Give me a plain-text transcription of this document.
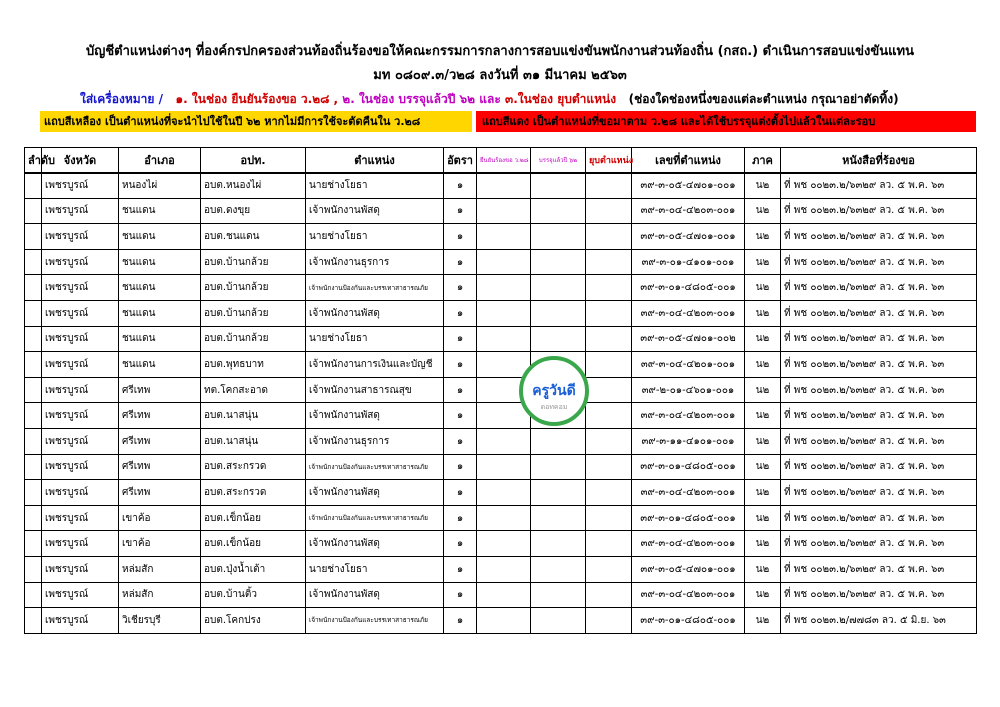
บัญชีตำแหน่งต่างๆ ที่องค์กรปกครองส่วนท้องถิ่นร้องขอให้คณะกรรมการกลางการสอบแข่งขันพนักงานส่วนท้องถิ่น (กสถ.) ดำเนินการสอบแข่งขันแทน
มท ๐๘๐๙.๓/ว๒๘ ลงวันที่ ๓๑ มีนาคม ๒๕๖๓
ใส่เครื่องหมาย / ๑. ในช่อง ยืนยันร้องขอ ว.๒๘ , ๒. ในช่อง บรรจุแล้วปี ๖๒ และ ๓.ในช่อง ยุบตำแหน่ง (ช่องใดช่องหนึ่งของแต่ละตำแหน่ง กรุณาอย่าตัดทิ้ง)
แถบสีเหลือง เป็นตำแหน่งที่จะนำไปใช้ในปี ๖๒ หากไม่มีการใช้จะตัดคืนใน ว.๒๘	แถบสีแดง เป็นตำแหน่งที่ขอมาตาม ว.๒๘ และได้ใช้บรรจุแต่งตั้งไปแล้วในแต่ละรอบ
ลำดับ	จังหวัด	อำเภอ	อปท.	ตำแหน่ง	อัตรา	ยืนยันร้องขอ ว.๒๘	บรรจุแล้วปี ๖๒	ยุบตำแหน่ง	เลขที่ตำแหน่ง	ภาค	หนังสือที่ร้องขอ
	เพชรบูรณ์	หนองไผ่	อบต.หนองไผ่	นายช่างโยธา	๑				๓๙-๓-๐๕-๔๗๐๑-๐๐๑	น๒	ที่ พช ๐๐๒๓.๒/๖๓๒๙ ลว. ๕ พ.ค. ๖๓
	เพชรบูรณ์	ชนแดน	อบต.ดงขุย	เจ้าพนักงานพัสดุ	๑				๓๙-๓-๐๔-๔๒๐๓-๐๐๑	น๒	ที่ พช ๐๐๒๓.๒/๖๓๒๙ ลว. ๕ พ.ค. ๖๓
	เพชรบูรณ์	ชนแดน	อบต.ชนแดน	นายช่างโยธา	๑				๓๙-๓-๐๕-๔๗๐๑-๐๐๑	น๒	ที่ พช ๐๐๒๓.๒/๖๓๒๙ ลว. ๕ พ.ค. ๖๓
	เพชรบูรณ์	ชนแดน	อบต.บ้านกล้วย	เจ้าพนักงานธุรการ	๑				๓๙-๓-๐๑-๔๑๐๑-๐๐๑	น๒	ที่ พช ๐๐๒๓.๒/๖๓๒๙ ลว. ๕ พ.ค. ๖๓
	เพชรบูรณ์	ชนแดน	อบต.บ้านกล้วย	เจ้าพนักงานป้องกันและบรรเทาสาธารณภัย	๑				๓๙-๓-๐๑-๔๘๐๕-๐๐๑	น๒	ที่ พช ๐๐๒๓.๒/๖๓๒๙ ลว. ๕ พ.ค. ๖๓
	เพชรบูรณ์	ชนแดน	อบต.บ้านกล้วย	เจ้าพนักงานพัสดุ	๑				๓๙-๓-๐๔-๔๒๐๓-๐๐๑	น๒	ที่ พช ๐๐๒๓.๒/๖๓๒๙ ลว. ๕ พ.ค. ๖๓
	เพชรบูรณ์	ชนแดน	อบต.บ้านกล้วย	นายช่างโยธา	๑				๓๙-๓-๐๕-๔๗๐๑-๐๐๒	น๒	ที่ พช ๐๐๒๓.๒/๖๓๒๙ ลว. ๕ พ.ค. ๖๓
	เพชรบูรณ์	ชนแดน	อบต.พุทธบาท	เจ้าพนักงานการเงินและบัญชี	๑				๓๙-๓-๐๔-๔๒๐๑-๐๐๑	น๒	ที่ พช ๐๐๒๓.๒/๖๓๒๙ ลว. ๕ พ.ค. ๖๓
	เพชรบูรณ์	ศรีเทพ	ทต.โคกสะอาด	เจ้าพนักงานสาธารณสุข	๑				๓๙-๒-๐๑-๔๖๐๑-๐๐๑	น๒	ที่ พช ๐๐๒๓.๒/๖๓๒๙ ลว. ๕ พ.ค. ๖๓
	เพชรบูรณ์	ศรีเทพ	อบต.นาสนุ่น	เจ้าพนักงานพัสดุ	๑				๓๙-๓-๐๔-๔๒๐๓-๐๐๑	น๒	ที่ พช ๐๐๒๓.๒/๖๓๒๙ ลว. ๕ พ.ค. ๖๓
	เพชรบูรณ์	ศรีเทพ	อบต.นาสนุ่น	เจ้าพนักงานธุรการ	๑				๓๙-๓-๑๑-๔๑๐๑-๐๐๑	น๒	ที่ พช ๐๐๒๓.๒/๖๓๒๙ ลว. ๕ พ.ค. ๖๓
	เพชรบูรณ์	ศรีเทพ	อบต.สระกรวด	เจ้าพนักงานป้องกันและบรรเทาสาธารณภัย	๑				๓๙-๓-๐๑-๔๘๐๕-๐๐๑	น๒	ที่ พช ๐๐๒๓.๒/๖๓๒๙ ลว. ๕ พ.ค. ๖๓
	เพชรบูรณ์	ศรีเทพ	อบต.สระกรวด	เจ้าพนักงานพัสดุ	๑				๓๙-๓-๐๔-๔๒๐๓-๐๐๑	น๒	ที่ พช ๐๐๒๓.๒/๖๓๒๙ ลว. ๕ พ.ค. ๖๓
	เพชรบูรณ์	เขาค้อ	อบต.เข็กน้อย	เจ้าพนักงานป้องกันและบรรเทาสาธารณภัย	๑				๓๙-๓-๐๑-๔๘๐๕-๐๐๑	น๒	ที่ พช ๐๐๒๓.๒/๖๓๒๙ ลว. ๕ พ.ค. ๖๓
	เพชรบูรณ์	เขาค้อ	อบต.เข็กน้อย	เจ้าพนักงานพัสดุ	๑				๓๙-๓-๐๔-๔๒๐๓-๐๐๑	น๒	ที่ พช ๐๐๒๓.๒/๖๓๒๙ ลว. ๕ พ.ค. ๖๓
	เพชรบูรณ์	หล่มสัก	อบต.ปุ่งน้ำเต้า	นายช่างโยธา	๑				๓๙-๓-๐๕-๔๗๐๑-๐๐๑	น๒	ที่ พช ๐๐๒๓.๒/๖๓๒๙ ลว. ๕ พ.ค. ๖๓
	เพชรบูรณ์	หล่มสัก	อบต.บ้านติ้ว	เจ้าพนักงานพัสดุ	๑				๓๙-๓-๐๔-๔๒๐๓-๐๐๑	น๒	ที่ พช ๐๐๒๓.๒/๖๓๒๙ ลว. ๕ พ.ค. ๖๓
	เพชรบูรณ์	วิเชียรบุรี	อบต.โคกปรง	เจ้าพนักงานป้องกันและบรรเทาสาธารณภัย	๑				๓๙-๓-๐๑-๔๘๐๕-๐๐๑	น๒	ที่ พช ๐๐๒๓.๒/๗๗๘๓ ลว. ๕ มิ.ย. ๖๓
ครูวันดี
ดอทคอม
